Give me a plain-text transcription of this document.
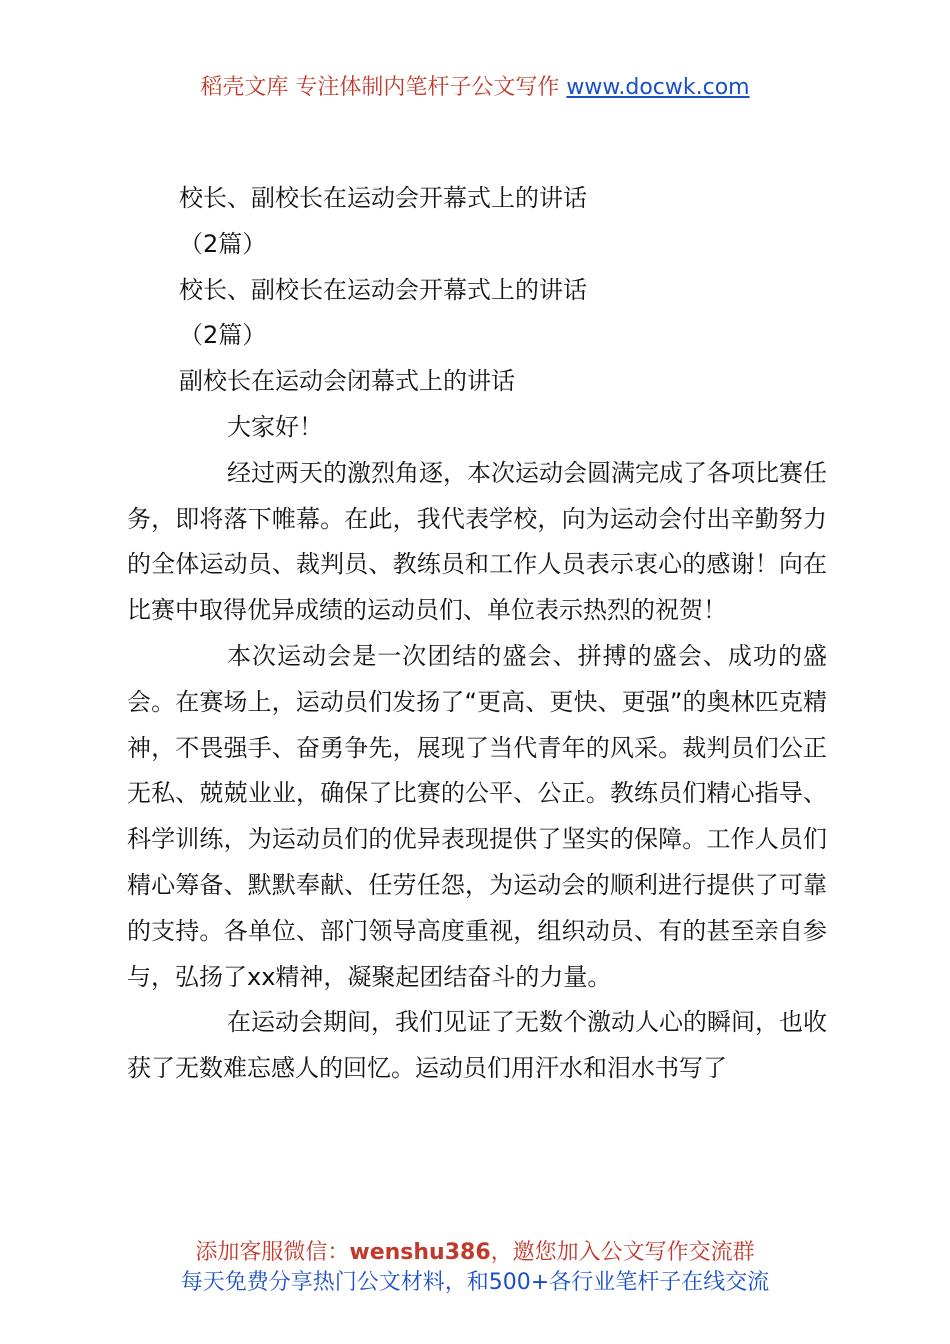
稻壳文库 专注体制内笔杆子公文写作 www.docwk.com

校长、副校长在运动会开幕式上的讲话

（2篇）

校长、副校长在运动会开幕式上的讲话

（2篇）

副校长在运动会闭幕式上的讲话

大家好！

经过两天的激烈角逐，本次运动会圆满完成了各项比赛任务，即将落下帷幕。在此，我代表学校，向为运动会付出辛勤努力的全体运动员、裁判员、教练员和工作人员表示衷心的感谢！向在比赛中取得优异成绩的运动员们、单位表示热烈的祝贺！

本次运动会是一次团结的盛会、拼搏的盛会、成功的盛会。在赛场上，运动员们发扬了“更高、更快、更强”的奥林匹克精神，不畏强手、奋勇争先，展现了当代青年的风采。裁判员们公正无私、兢兢业业，确保了比赛的公平、公正。教练员们精心指导、科学训练，为运动员们的优异表现提供了坚实的保障。工作人员们精心筹备、默默奉献、任劳任怨，为运动会的顺利进行提供了可靠的支持。各单位、部门领导高度重视，组织动员、有的甚至亲自参与，弘扬了xx精神，凝聚起团结奋斗的力量。

在运动会期间，我们见证了无数个激动人心的瞬间，也收获了无数难忘感人的回忆。运动员们用汗水和泪水书写了

添加客服微信：wenshu386，邀您加入公文写作交流群
每天免费分享热门公文材料，和500+各行业笔杆子在线交流
